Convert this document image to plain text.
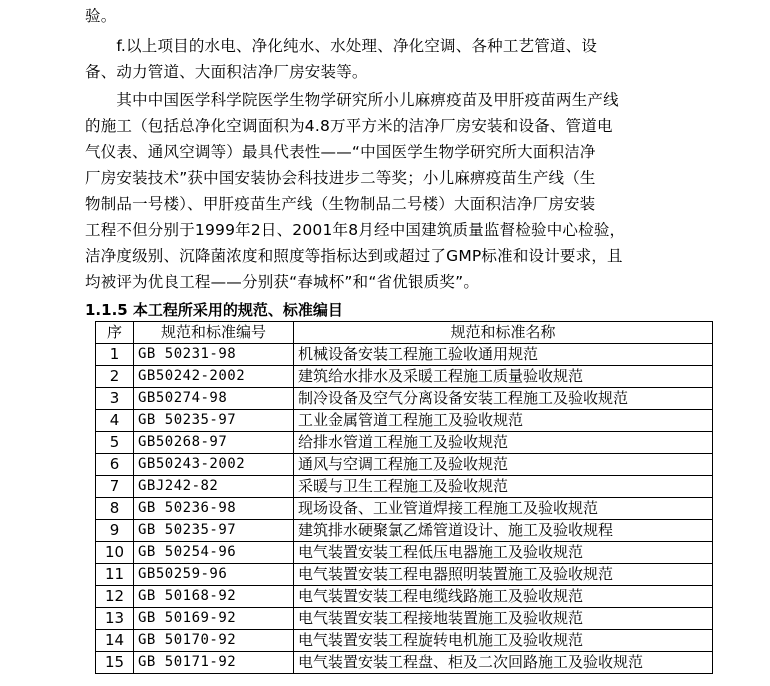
验。
　　f.以上项目的水电、净化纯水、水处理、净化空调、各种工艺管道、设
备、动力管道、大面积洁净厂房安装等。
　　其中中国医学科学院医学生物学研究所小儿麻痹疫苗及甲肝疫苗两生产线
的施工（包括总净化空调面积为4.8万平方米的洁净厂房安装和设备、管道电
气仪表、通风空调等）最具代表性——“中国医学生物学研究所大面积洁净
厂房安装技术”获中国安装协会科技进步二等奖；小儿麻痹疫苗生产线（生
物制品一号楼）、甲肝疫苗生产线（生物制品二号楼）大面积洁净厂房安装
工程不但分别于1999年2日、2001年8月经中国建筑质量监督检验中心检验，
洁净度级别、沉降菌浓度和照度等指标达到或超过了GMP标准和设计要求，且
均被评为优良工程——分别获“春城杯”和“省优银质奖”。
1.1.5 本工程所采用的规范、标准编目
序	规范和标准编号	规范和标准名称
1	GB 50231-98	机械设备安装工程施工验收通用规范
2	GB50242-2002	建筑给水排水及采暖工程施工质量验收规范
3	GB50274-98	制冷设备及空气分离设备安装工程施工及验收规范
4	GB 50235-97	工业金属管道工程施工及验收规范
5	GB50268-97	给排水管道工程施工及验收规范
6	GB50243-2002	通风与空调工程施工及验收规范
7	GBJ242-82	采暖与卫生工程施工及验收规范
8	GB 50236-98	现场设备、工业管道焊接工程施工及验收规范
9	GB 50235-97	建筑排水硬聚氯乙烯管道设计、施工及验收规程
10	GB 50254-96	电气装置安装工程低压电器施工及验收规范
11	GB50259-96	电气装置安装工程电器照明装置施工及验收规范
12	GB 50168-92	电气装置安装工程电缆线路施工及验收规范
13	GB 50169-92	电气装置安装工程接地装置施工及验收规范
14	GB 50170-92	电气装置安装工程旋转电机施工及验收规范
15	GB 50171-92	电气装置安装工程盘、柜及二次回路施工及验收规范
